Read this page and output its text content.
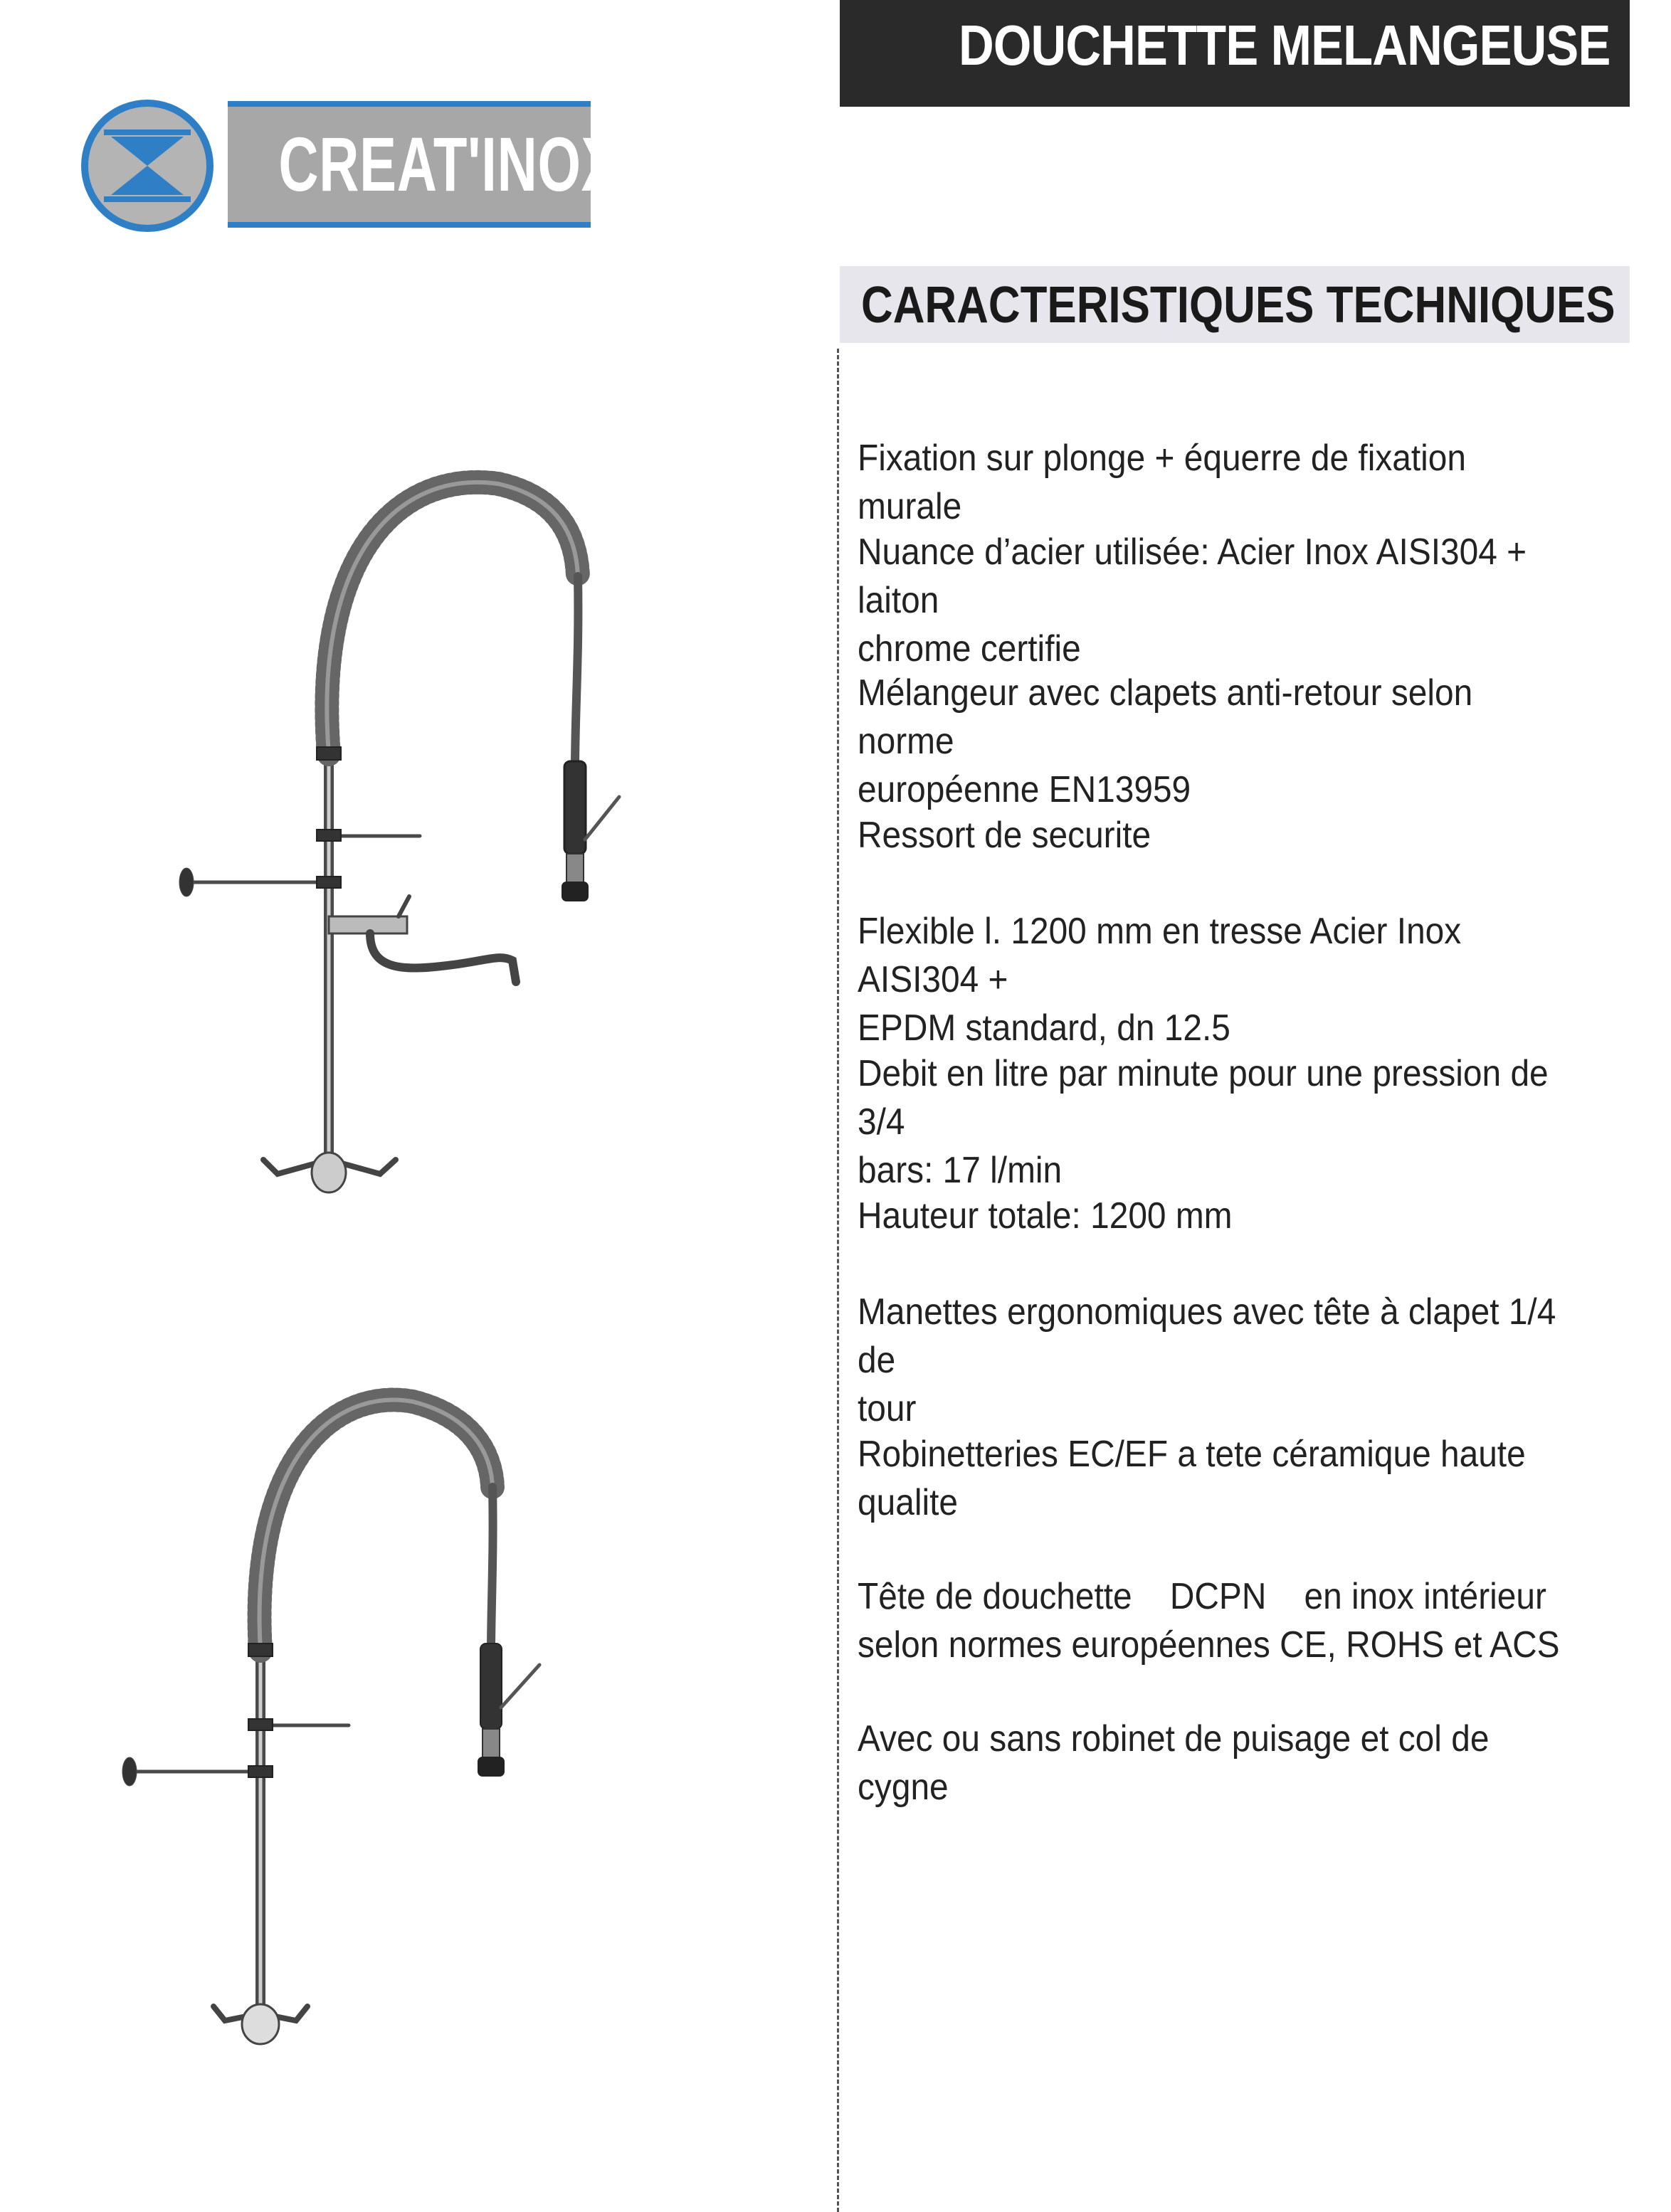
DOUCHETTE MELANGEUSE
CREAT'INOX
CARACTERISTIQUES TECHNIQUES
Fixation sur plonge + équerre de fixation murale
Nuance d’acier utilisée: Acier Inox AISI304 + laiton
chrome certifie
Mélangeur avec clapets anti-retour selon norme
européenne EN13959
Ressort de securite
Flexible l. 1200 mm en tresse Acier Inox AISI304 +
EPDM standard, dn 12.5
Debit en litre par minute pour une pression de 3/4
bars: 17 l/min
Hauteur totale: 1200 mm
Manettes ergonomiques avec tête à clapet 1/4 de
tour
Robinetteries EC/EF a tete céramique haute
qualite
Tête de douchette    DCPN    en inox intérieur
selon normes européennes CE, ROHS et ACS
Avec ou sans robinet de puisage et col de cygne
